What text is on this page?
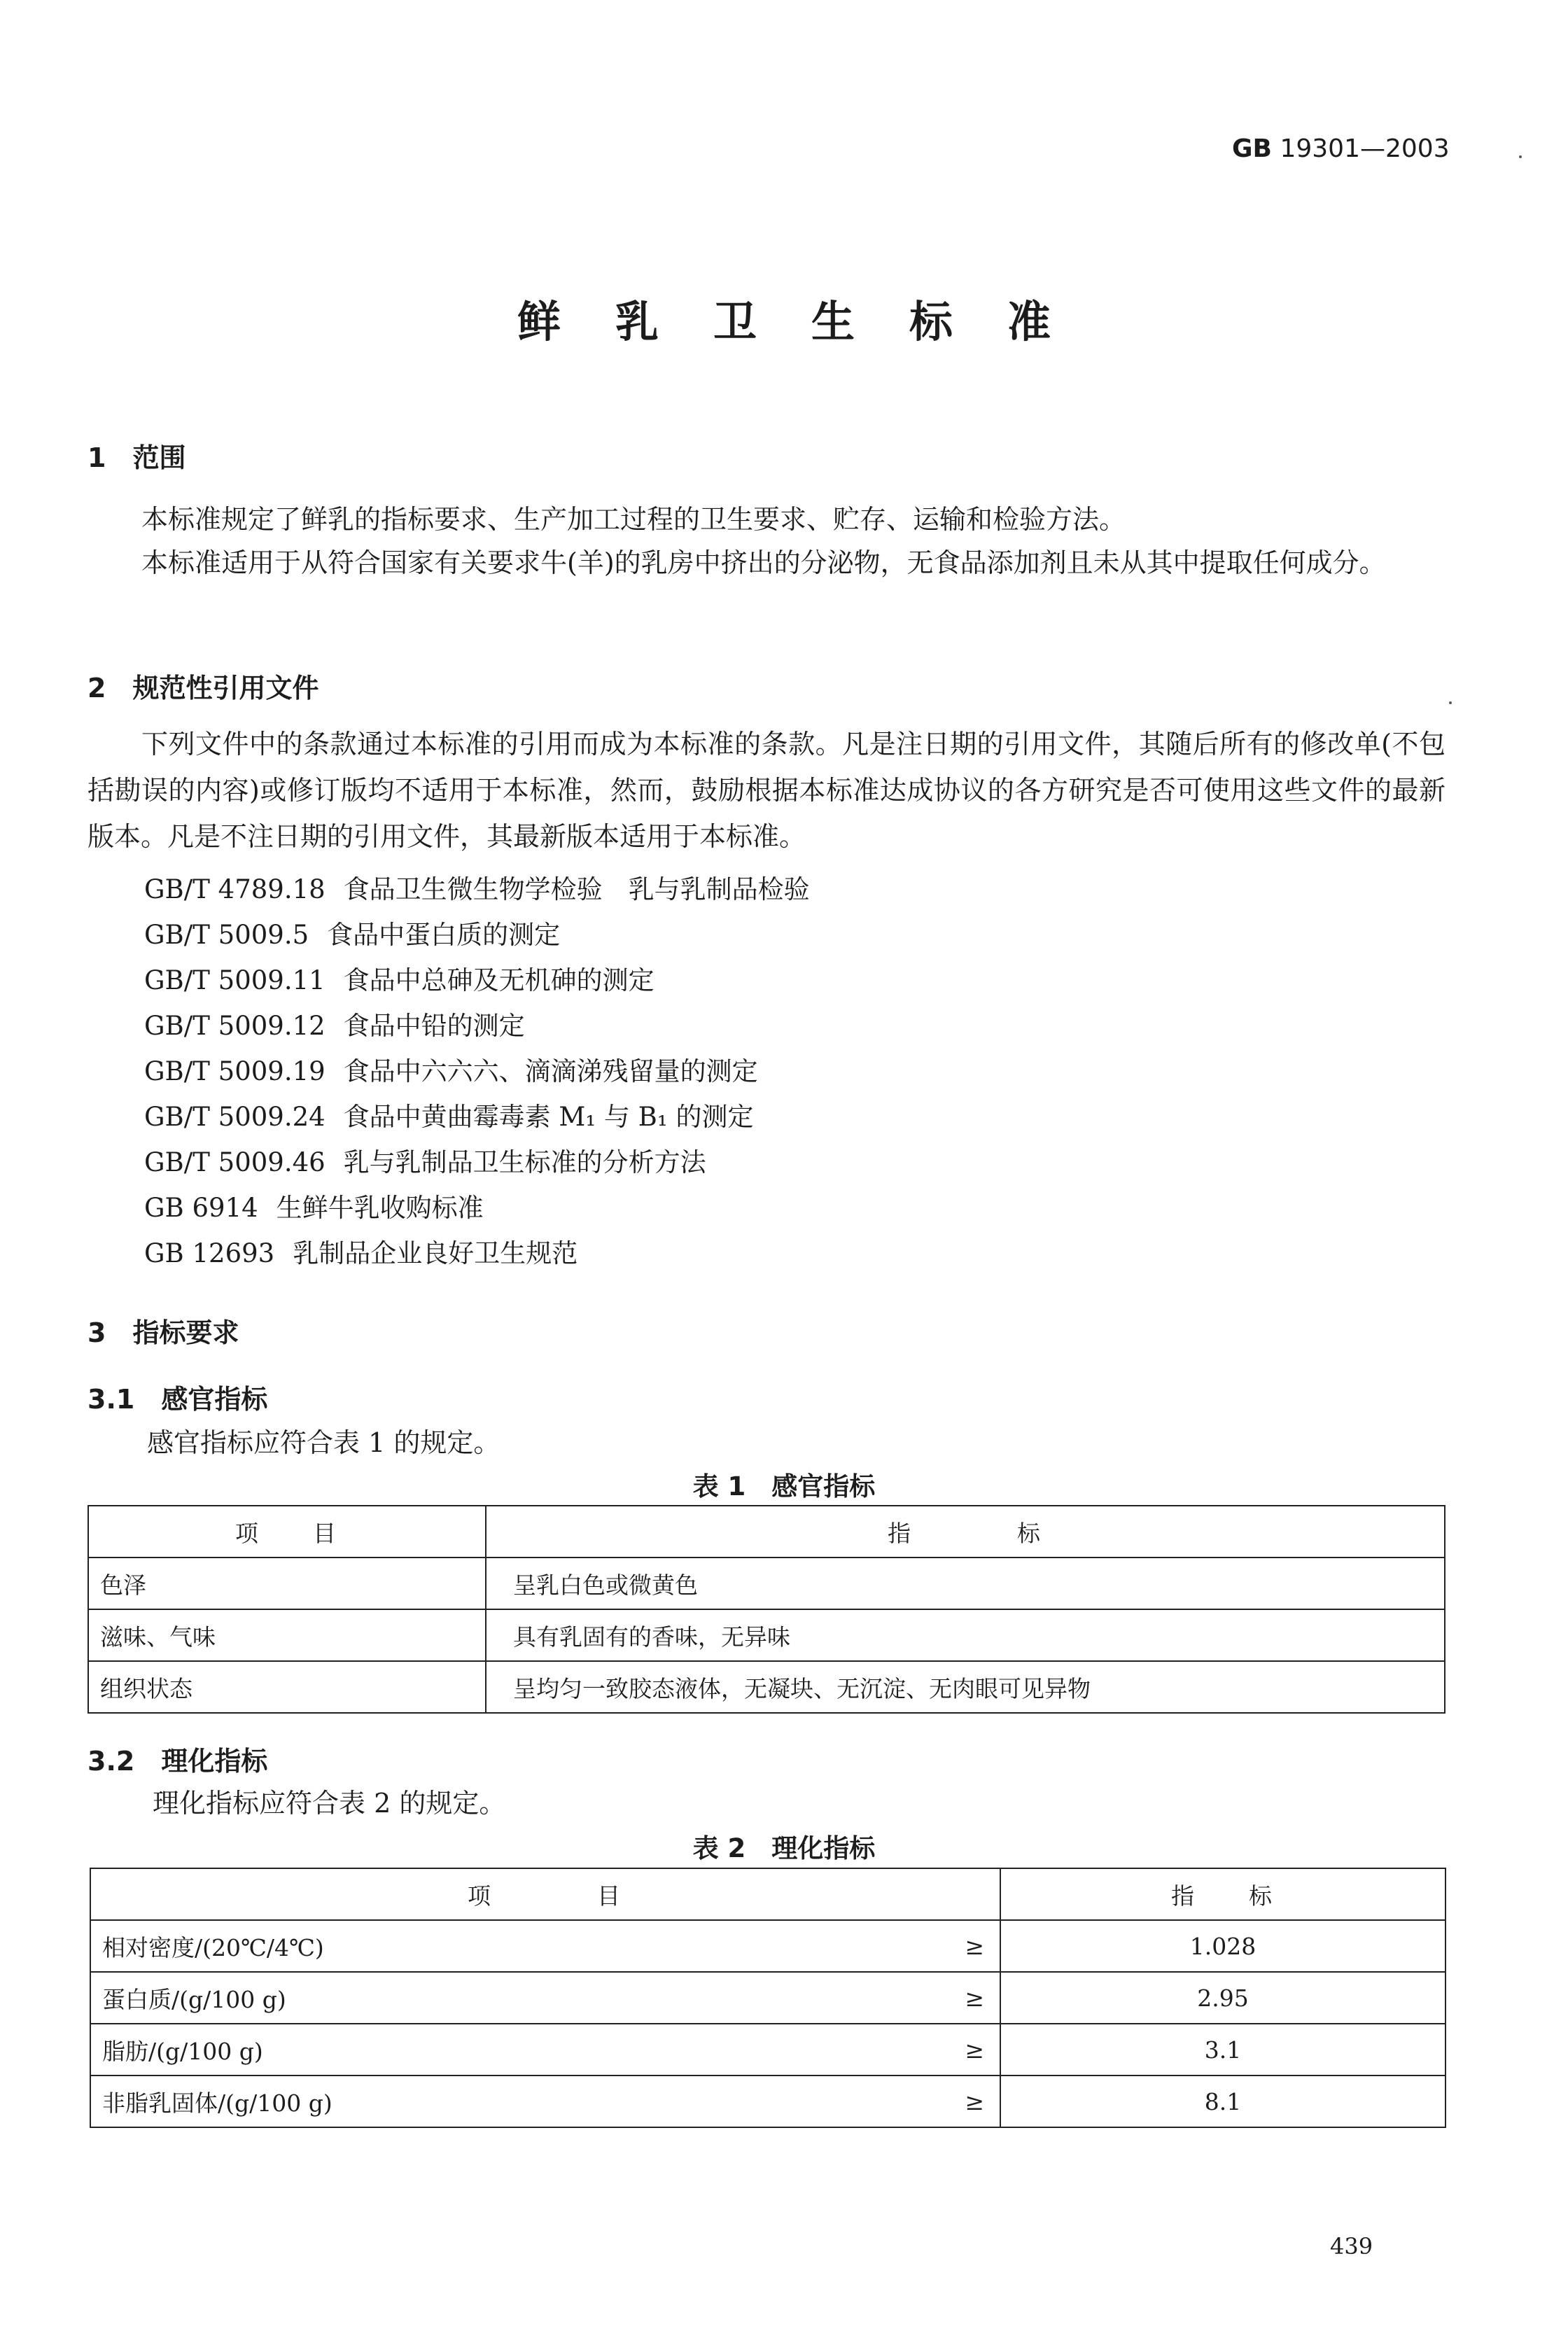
GB 19301—2003
鲜乳卫生标准
1　范围
本标准规定了鲜乳的指标要求、生产加工过程的卫生要求、贮存、运输和检验方法。
本标准适用于从符合国家有关要求牛(羊)的乳房中挤出的分泌物，无食品添加剂且未从其中提取任何成分。
2　规范性引用文件
下列文件中的条款通过本标准的引用而成为本标准的条款。凡是注日期的引用文件，其随后所有的修改单(不包括勘误的内容)或修订版均不适用于本标准，然而，鼓励根据本标准达成协议的各方研究是否可使用这些文件的最新版本。凡是不注日期的引用文件，其最新版本适用于本标准。
GB/T 4789.18 食品卫生微生物学检验　乳与乳制品检验
GB/T 5009.5 食品中蛋白质的测定
GB/T 5009.11 食品中总砷及无机砷的测定
GB/T 5009.12 食品中铅的测定
GB/T 5009.19 食品中六六六、滴滴涕残留量的测定
GB/T 5009.24 食品中黄曲霉毒素 M₁ 与 B₁ 的测定
GB/T 5009.46 乳与乳制品卫生标准的分析方法
GB 6914 生鲜牛乳收购标准
GB 12693 乳制品企业良好卫生规范
3　指标要求
3.1　感官指标
感官指标应符合表 1 的规定。
表 1　感官指标
项　　目	指　　　　标
色泽	呈乳白色或微黄色
滋味、气味	具有乳固有的香味，无异味
组织状态	呈均匀一致胶态液体，无凝块、无沉淀、无肉眼可见异物
3.2　理化指标
理化指标应符合表 2 的规定。
表 2　理化指标
项　　　　目		指　　标
相对密度/(20℃/4℃)	≥	1.028
蛋白质/(g/100 g)	≥	2.95
脂肪/(g/100 g)	≥	3.1
非脂乳固体/(g/100 g)	≥	8.1
439
